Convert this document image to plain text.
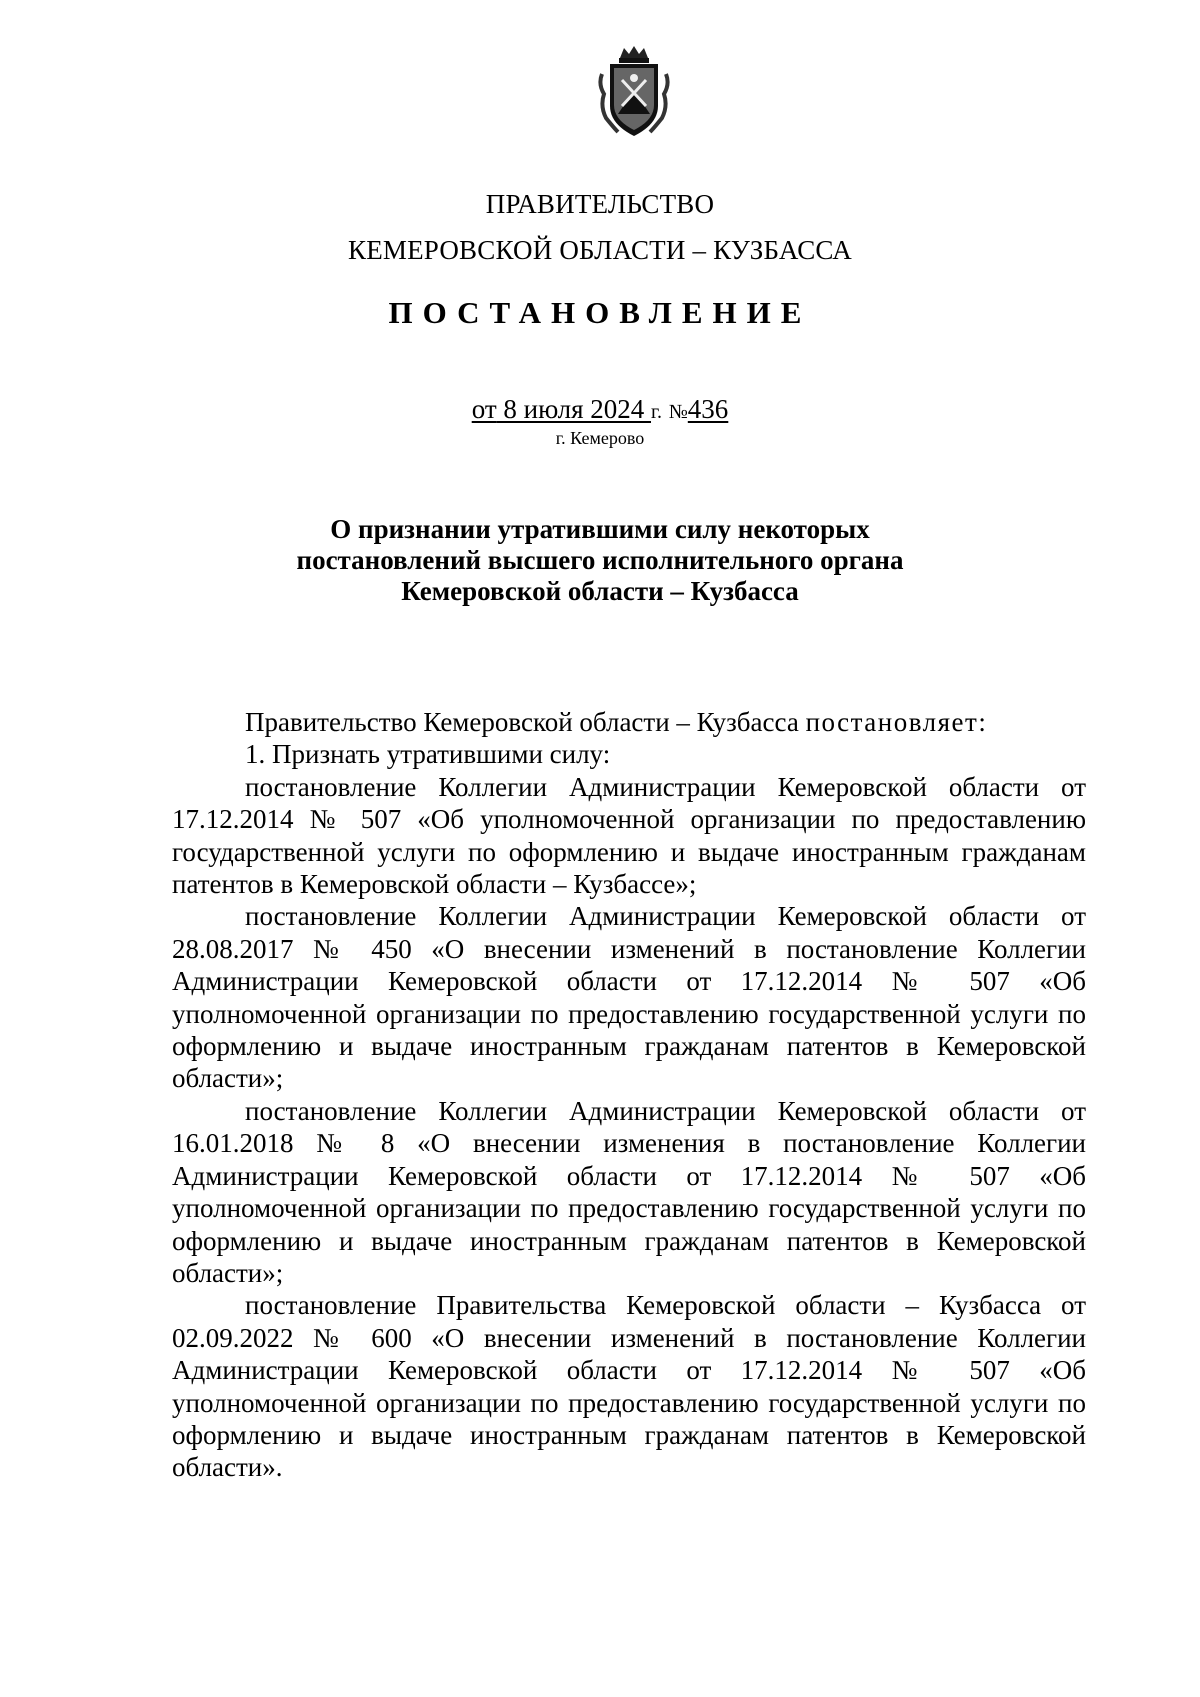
ПРАВИТЕЛЬСТВО
КЕМЕРОВСКОЙ ОБЛАСТИ – КУЗБАССА
ПОСТАНОВЛЕНИЕ
от 8 июля 2024 г. №436
г. Кемерово
О признании утратившими силу некоторых
постановлений высшего исполнительного органа
Кемеровской области – Кузбасса

Правительство Кемеровской области – Кузбасса постановляет:

1. Признать утратившими силу:

постановление Коллегии Администрации Кемеровской области от 17.12.2014 № 507 «Об уполномоченной организации по предоставлению государственной услуги по оформлению и выдаче иностранным гражданам патентов в Кемеровской области – Кузбассе»;

постановление Коллегии Администрации Кемеровской области от 28.08.2017 № 450 «О внесении изменений в постановление Коллегии Администрации Кемеровской области от 17.12.2014 № 507 «Об уполномоченной организации по предоставлению государственной услуги по оформлению и выдаче иностранным гражданам патентов в Кемеровской области»;

постановление Коллегии Администрации Кемеровской области от 16.01.2018 № 8 «О внесении изменения в постановление Коллегии Администрации Кемеровской области от 17.12.2014 № 507 «Об уполномоченной организации по предоставлению государственной услуги по оформлению и выдаче иностранным гражданам патентов в Кемеровской области»;

постановление Правительства Кемеровской области – Кузбасса от 02.09.2022 № 600 «О внесении изменений в постановление Коллегии Администрации Кемеровской области от 17.12.2014 № 507 «Об уполномоченной организации по предоставлению государственной услуги по оформлению и выдаче иностранным гражданам патентов в Кемеровской области».
